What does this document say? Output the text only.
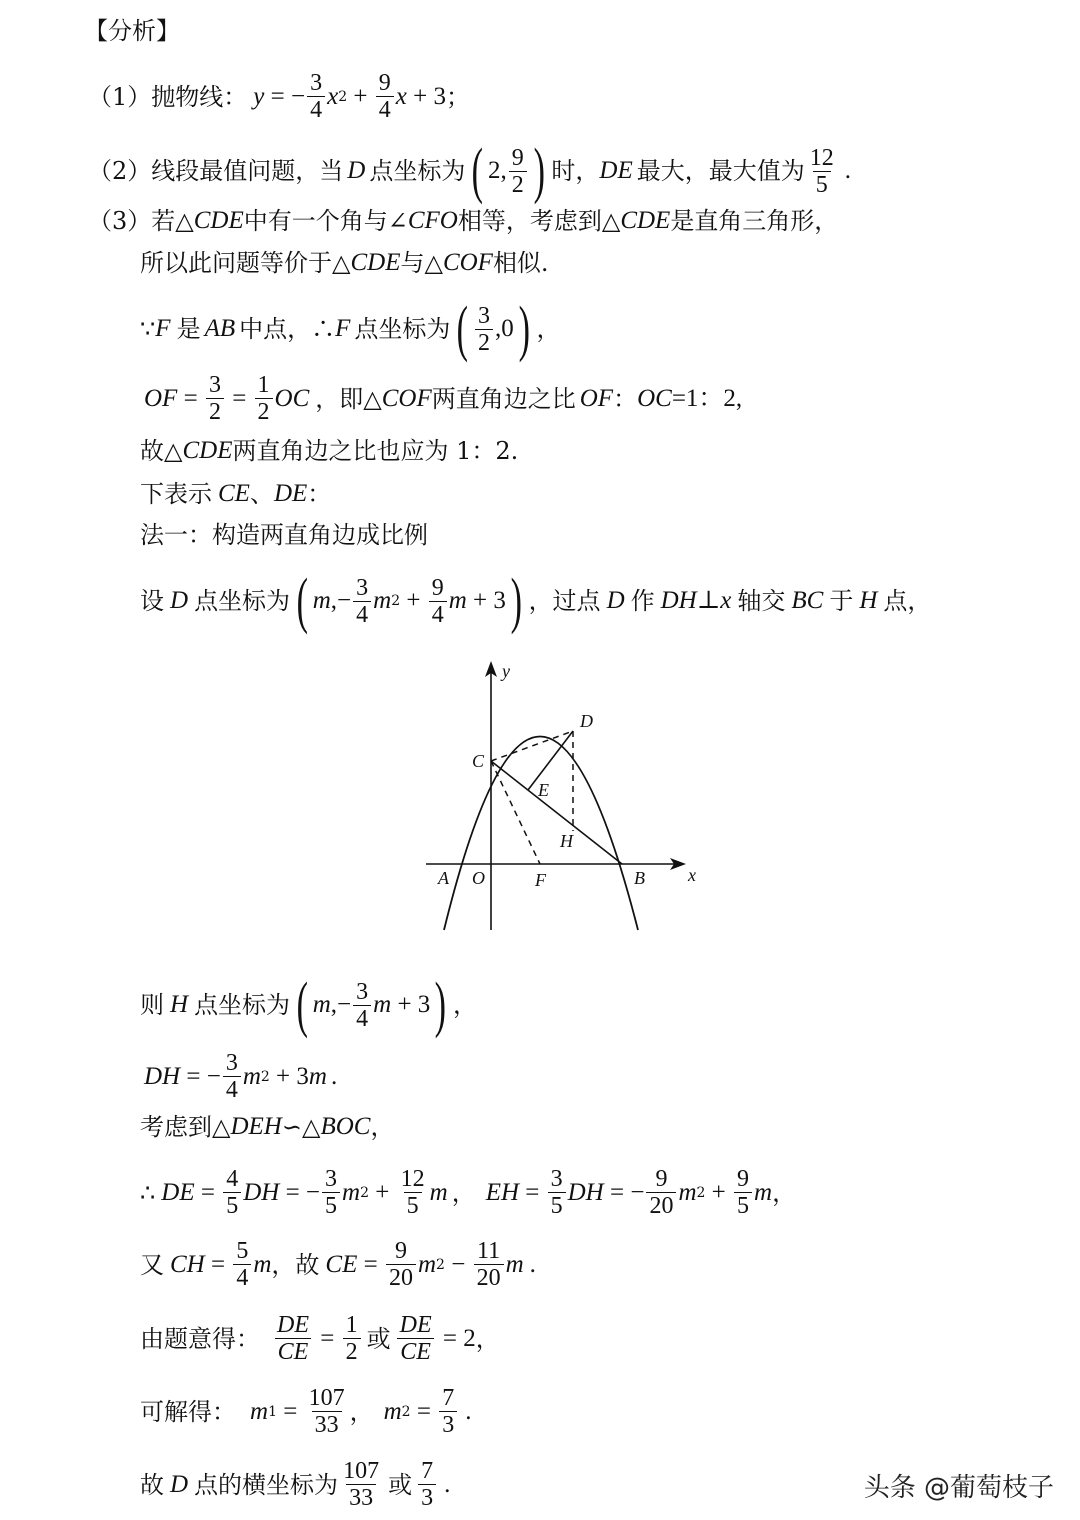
【分析】
（1）抛物线： y = − $\frac{3}{4}$ x $2 + \frac{9}{4}$ x + 3 ；
（2）线段最值问题，当 D 点坐标为 ( 2, $\frac{9}{2}$ ) 时， DE 最大，最大值为 $\frac{12}{5}$ .
（3）若△ CDE 中有一个角与∠ CFO 相等，考虑到△ CDE 是直角三角形，
所以此问题等价于△ CDE 与△ COF 相似.
∵ F 是 AB 中点，∴ F 点坐标为 ( $\frac{3}{2} ,0$ ) ，
OF = $\frac{3}{2} = \frac{1}{2}$ OC ，即△ COF 两直角边之比 OF ： OC =1：2,
故△ CDE 两直角边之比也应为 1：2.
下表示 CE 、 DE ：
法一：构造两直角边成比例
设 D 点坐标为 ( m ,− $\frac{3}{4}$ m $2 + \frac{9}{4}$ m + 3 ) ，过点 D 作 DH ⊥ x 轴交 BC 于 H 点，
y
x
D
C
E
H
A O	F	B
则 H 点坐标为 ( m ,− $\frac{3}{4}$ m + 3 ) ，
DH = − $\frac{3}{4}$ m 2 + 3 m .
考虑到△ DEH ∽△ BOC ，
∴ DE = $\frac{4}{5}$ DH = − $\frac{3}{5}$ m $2 + \frac{12}{5}$ m ， EH = $\frac{3}{5}$ DH = − $\frac{9}{20}$ m $2 + \frac{9}{5}$ m ，
又 CH = $\frac{5}{4}$ m ，故 CE = $\frac{9}{20}$ m $2 - \frac{11}{20}$ m .
由题意得： $\frac{DE}{CE} = \frac{1}{2}$ 或 $\frac{DE}{CE} = 2$ ，
可解得： m $1 = \frac{107}{33}$ ， m $2 = \frac{7}{3}$ .
故 D 点的横坐标为 $\frac{107}{33}$ 或 $\frac{7}{3}$ .	头条 @葡萄枝子
